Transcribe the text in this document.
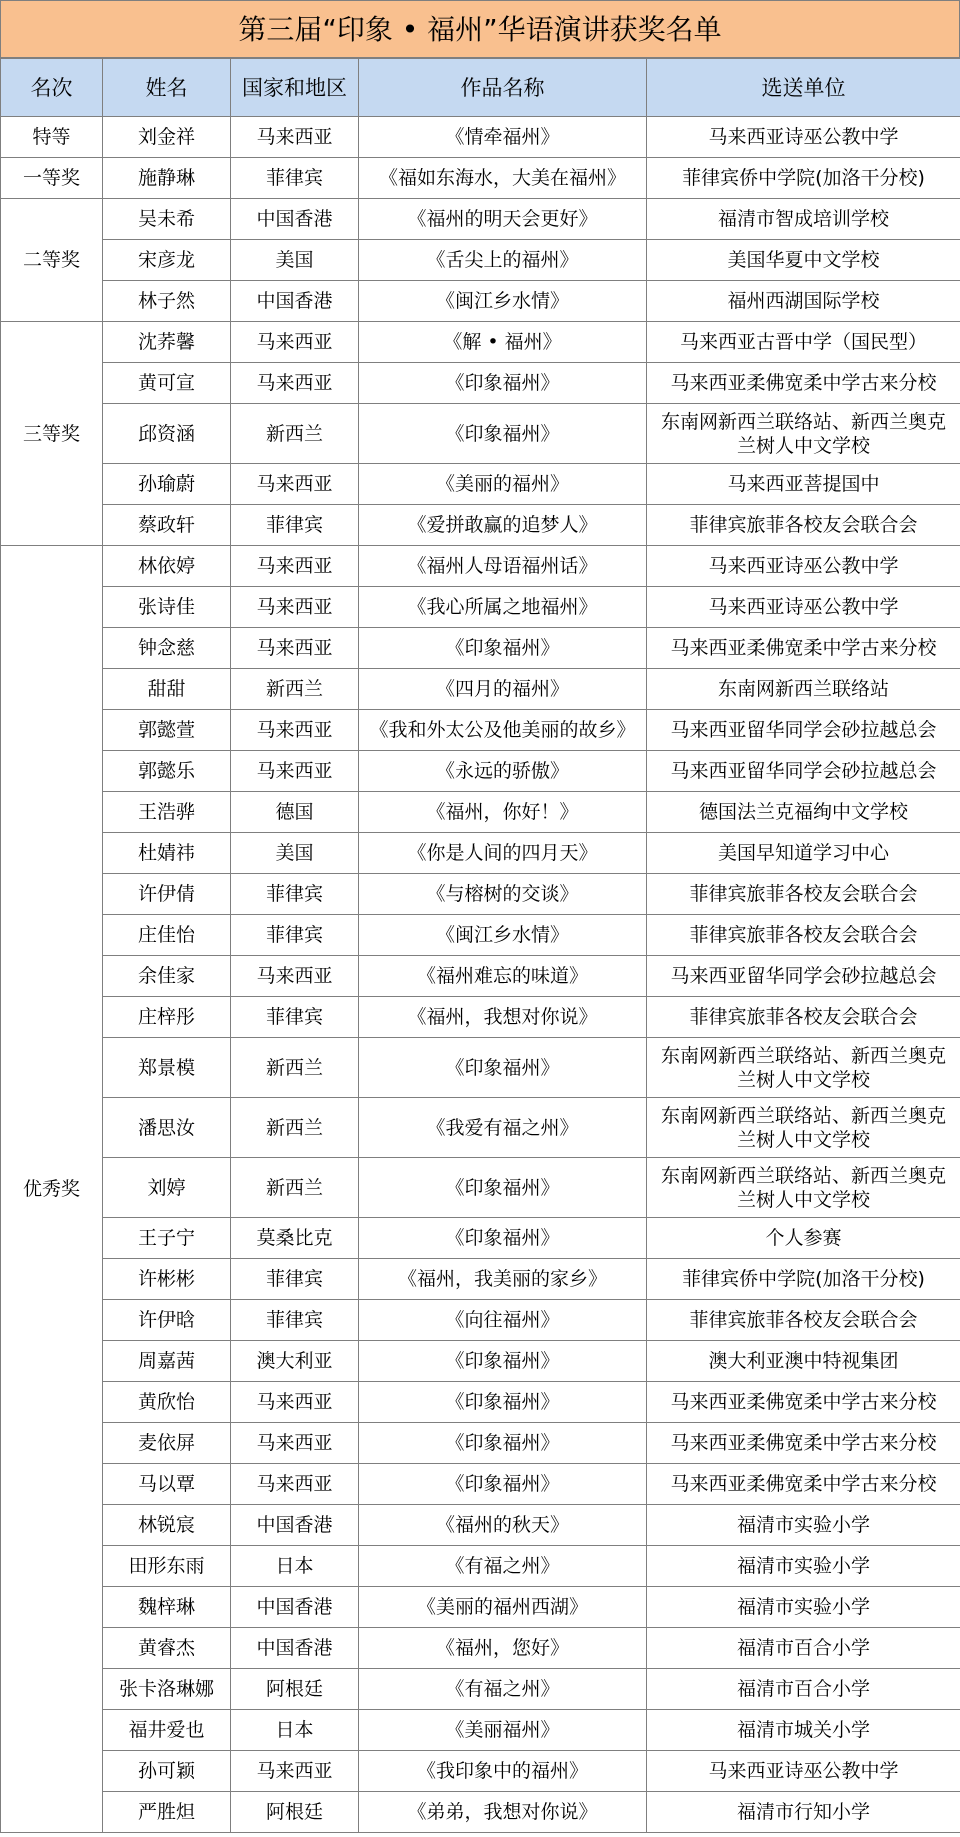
第三届“印象 • 福州”华语演讲获奖名单
名次	姓名	国家和地区	作品名称	选送单位
特等	刘金祥	马来西亚	《情牵福州》	马来西亚诗巫公教中学
一等奖	施静琳	菲律宾	《福如东海水，大美在福州》	菲律宾侨中学院(加洛干分校)
二等奖	吴未希	中国香港	《福州的明天会更好》	福清市智成培训学校
	宋彦龙	美国	《舌尖上的福州》	美国华夏中文学校
	林子然	中国香港	《闽江乡水情》	福州西湖国际学校
三等奖	沈荞馨	马来西亚	《解 • 福州》	马来西亚古晋中学（国民型）
	黄可宣	马来西亚	《印象福州》	马来西亚柔佛宽柔中学古来分校
	邱资涵	新西兰	《印象福州》	东南网新西兰联络站、新西兰奥克兰树人中文学校
	孙瑜蔚	马来西亚	《美丽的福州》	马来西亚菩提国中
	蔡政轩	菲律宾	《爱拼敢赢的追梦人》	菲律宾旅菲各校友会联合会
优秀奖	林依婷	马来西亚	《福州人母语福州话》	马来西亚诗巫公教中学
	张诗佳	马来西亚	《我心所属之地福州》	马来西亚诗巫公教中学
	钟念慈	马来西亚	《印象福州》	马来西亚柔佛宽柔中学古来分校
	甜甜	新西兰	《四月的福州》	东南网新西兰联络站
	郭懿萱	马来西亚	《我和外太公及他美丽的故乡》	马来西亚留华同学会砂拉越总会
	郭懿乐	马来西亚	《永远的骄傲》	马来西亚留华同学会砂拉越总会
	王浩骅	德国	《福州，你好！》	德国法兰克福绚中文学校
	杜婧祎	美国	《你是人间的四月天》	美国早知道学习中心
	许伊倩	菲律宾	《与榕树的交谈》	菲律宾旅菲各校友会联合会
	庄佳怡	菲律宾	《闽江乡水情》	菲律宾旅菲各校友会联合会
	余佳家	马来西亚	《福州难忘的味道》	马来西亚留华同学会砂拉越总会
	庄梓彤	菲律宾	《福州，我想对你说》	菲律宾旅菲各校友会联合会
	郑景模	新西兰	《印象福州》	东南网新西兰联络站、新西兰奥克兰树人中文学校
	潘思汝	新西兰	《我爱有福之州》	东南网新西兰联络站、新西兰奥克兰树人中文学校
	刘婷	新西兰	《印象福州》	东南网新西兰联络站、新西兰奥克兰树人中文学校
	王子宁	莫桑比克	《印象福州》	个人参赛
	许彬彬	菲律宾	《福州，我美丽的家乡》	菲律宾侨中学院(加洛干分校)
	许伊晗	菲律宾	《向往福州》	菲律宾旅菲各校友会联合会
	周嘉茜	澳大利亚	《印象福州》	澳大利亚澳中特视集团
	黄欣怡	马来西亚	《印象福州》	马来西亚柔佛宽柔中学古来分校
	麦依屏	马来西亚	《印象福州》	马来西亚柔佛宽柔中学古来分校
	马以覃	马来西亚	《印象福州》	马来西亚柔佛宽柔中学古来分校
	林锐宸	中国香港	《福州的秋天》	福清市实验小学
	田形东雨	日本	《有福之州》	福清市实验小学
	魏梓琳	中国香港	《美丽的福州西湖》	福清市实验小学
	黄睿杰	中国香港	《福州，您好》	福清市百合小学
	张卡洛琳娜	阿根廷	《有福之州》	福清市百合小学
	福井爱也	日本	《美丽福州》	福清市城关小学
	孙可颖	马来西亚	《我印象中的福州》	马来西亚诗巫公教中学
	严胜炟	阿根廷	《弟弟，我想对你说》	福清市行知小学
